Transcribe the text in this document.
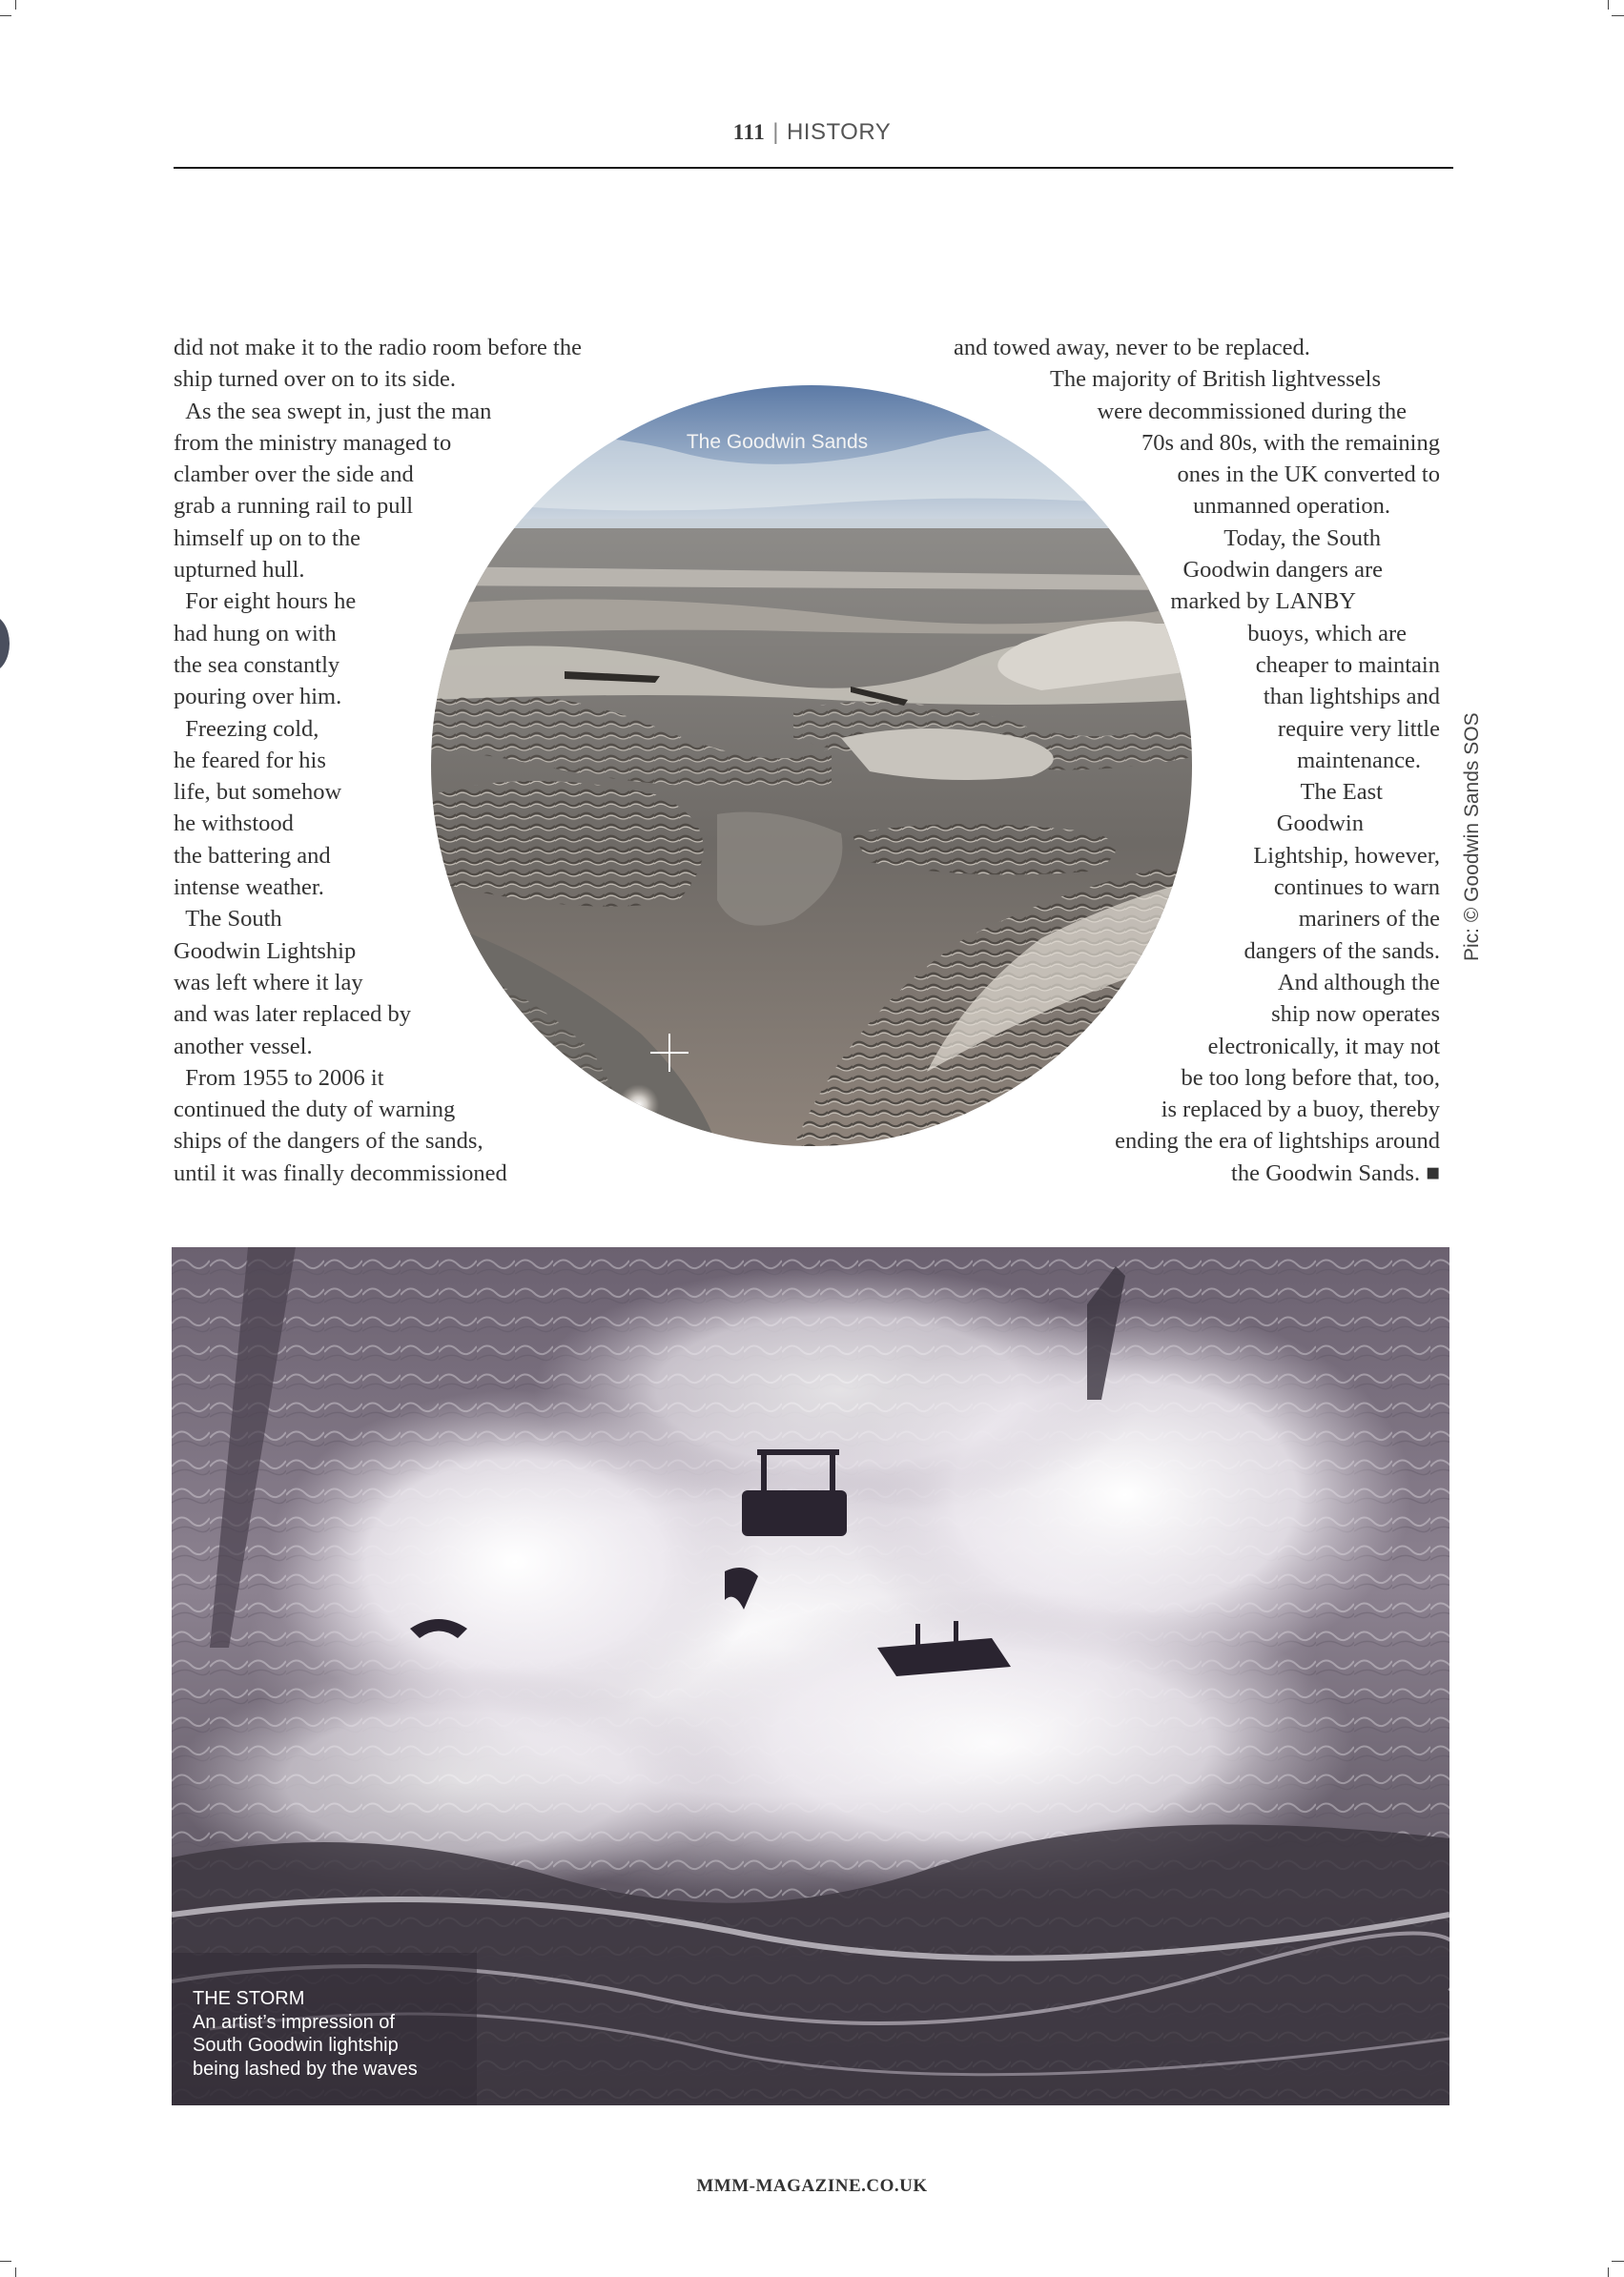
111 | HISTORY
did not make it to the radio room before the
ship turned over on to its side.
 As the sea swept in, just the man
from the ministry managed to
clamber over the side and
grab a running rail to pull
himself up on to the
upturned hull.
 For eight hours he
had hung on with
the sea constantly
pouring over him.
 Freezing cold,
he feared for his
life, but somehow
he withstood
the battering and
intense weather.
 The South
Goodwin Lightship
was left where it lay
and was later replaced by
another vessel.
 From 1955 to 2006 it
continued the duty of warning
ships of the dangers of the sands,
until it was finally decommissioned
and towed away, never to be replaced.
The majority of British lightvessels
were decommissioned during the
70s and 80s, with the remaining
ones in the UK converted to
unmanned operation.
Today, the South
Goodwin dangers are
marked by LANBY
buoys, which are
cheaper to maintain
than lightships and
require very little
maintenance.
The East
Goodwin
Lightship, however,
continues to warn
mariners of the
dangers of the sands.
And although the
ship now operates
electronically, it may not
be too long before that, too,
is replaced by a buoy, thereby
ending the era of lightships around
the Goodwin Sands. ■
The Goodwin Sands
Pic: © Goodwin Sands SOS
THE STORM
An artist’s impression of
South Goodwin lightship
being lashed by the waves
MMM-MAGAZINE.CO.UK
